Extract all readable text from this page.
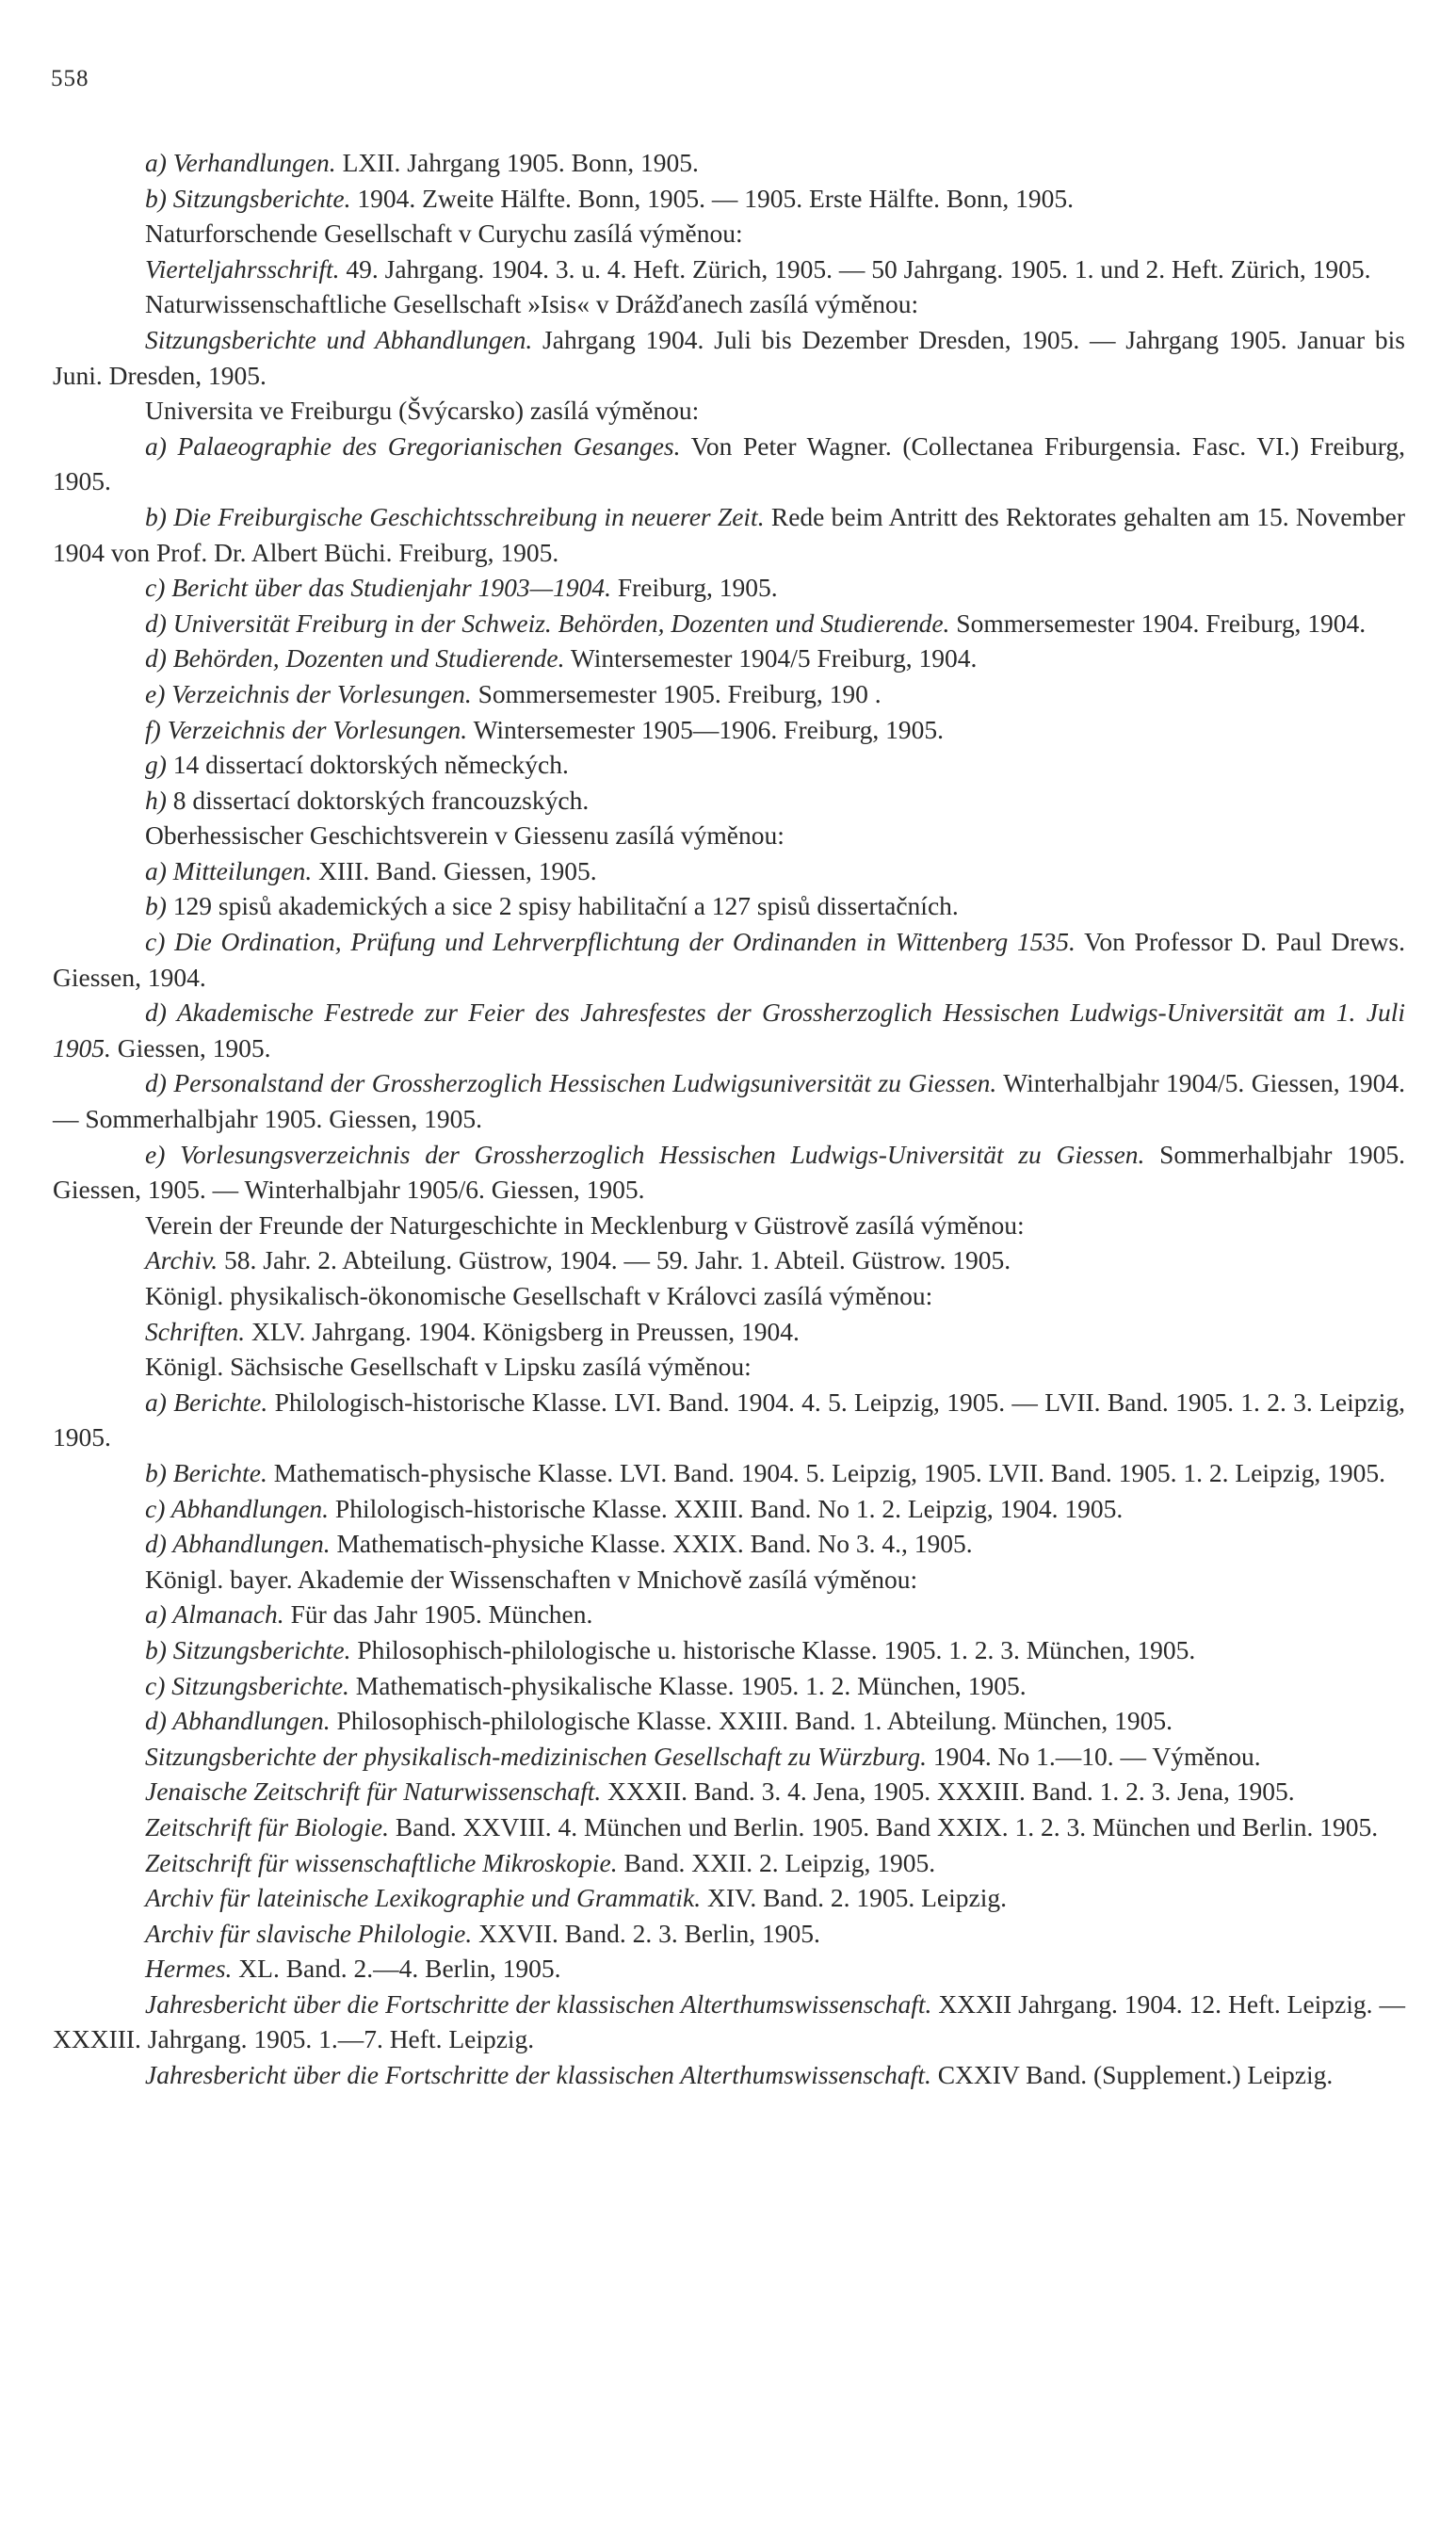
558

a) Verhandlungen. LXII. Jahrgang 1905. Bonn, 1905.

b) Sitzungsberichte. 1904. Zweite Hälfte. Bonn, 1905. — 1905. Erste Hälfte. Bonn, 1905.

Naturforschende Gesellschaft v Curychu zasílá výměnou:

Vierteljahrsschrift. 49. Jahrgang. 1904. 3. u. 4. Heft. Zürich, 1905. — 50 Jahrgang. 1905. 1. und 2. Heft. Zürich, 1905.

Naturwissenschaftliche Gesellschaft »Isis« v Drážďanech zasílá výměnou:

Sitzungsberichte und Abhandlungen. Jahrgang 1904. Juli bis Dezember Dresden, 1905. — Jahrgang 1905. Januar bis Juni. Dresden, 1905.

Universita ve Freiburgu (Švýcarsko) zasílá výměnou:

a) Palaeographie des Gregorianischen Gesanges. Von Peter Wagner. (Collectanea Friburgensia. Fasc. VI.) Freiburg, 1905.

b) Die Freiburgische Geschichtsschreibung in neuerer Zeit. Rede beim Antritt des Rektorates gehalten am 15. November 1904 von Prof. Dr. Albert Büchi. Freiburg, 1905.

c) Bericht über das Studienjahr 1903—1904. Freiburg, 1905.

d) Universität Freiburg in der Schweiz. Behörden, Dozenten und Studierende. Sommersemester 1904. Freiburg, 1904.

d) Behörden, Dozenten und Studierende. Wintersemester 1904/5 Freiburg, 1904.

e) Verzeichnis der Vorlesungen. Sommersemester 1905. Freiburg, 190 .

f) Verzeichnis der Vorlesungen. Wintersemester 1905—1906. Freiburg, 1905.

g) 14 dissertací doktorských německých.

h) 8 dissertací doktorských francouzských.

Oberhessischer Geschichtsverein v Giessenu zasílá výměnou:

a) Mitteilungen. XIII. Band. Giessen, 1905.

b) 129 spisů akademických a sice 2 spisy habilitační a 127 spisů dissertačních.

c) Die Ordination, Prüfung und Lehrverpflichtung der Ordinanden in Wittenberg 1535. Von Professor D. Paul Drews. Giessen, 1904.

d) Akademische Festrede zur Feier des Jahresfestes der Grossherzoglich Hessischen Ludwigs-Universität am 1. Juli 1905. Giessen, 1905.

d) Personalstand der Grossherzoglich Hessischen Ludwigsuniversität zu Giessen. Winterhalbjahr 1904/5. Giessen, 1904. — Sommerhalbjahr 1905. Giessen, 1905.

e) Vorlesungsverzeichnis der Grossherzoglich Hessischen Ludwigs-Universität zu Giessen. Sommerhalbjahr 1905. Giessen, 1905. — Winterhalbjahr 1905/6. Giessen, 1905.

Verein der Freunde der Naturgeschichte in Mecklenburg v Güstrově zasílá výměnou:

Archiv. 58. Jahr. 2. Abteilung. Güstrow, 1904. — 59. Jahr. 1. Abteil. Güstrow. 1905.

Königl. physikalisch-ökonomische Gesellschaft v Královci zasílá výměnou:

Schriften. XLV. Jahrgang. 1904. Königsberg in Preussen, 1904.

Königl. Sächsische Gesellschaft v Lipsku zasílá výměnou:

a) Berichte. Philologisch-historische Klasse. LVI. Band. 1904. 4. 5. Leipzig, 1905. — LVII. Band. 1905. 1. 2. 3. Leipzig, 1905.

b) Berichte. Mathematisch-physische Klasse. LVI. Band. 1904. 5. Leipzig, 1905. LVII. Band. 1905. 1. 2. Leipzig, 1905.

c) Abhandlungen. Philologisch-historische Klasse. XXIII. Band. No 1. 2. Leipzig, 1904. 1905.

d) Abhandlungen. Mathematisch-physiche Klasse. XXIX. Band. No 3. 4., 1905.

Königl. bayer. Akademie der Wissenschaften v Mnichově zasílá výměnou:

a) Almanach. Für das Jahr 1905. München.

b) Sitzungsberichte. Philosophisch-philologische u. historische Klasse. 1905. 1. 2. 3. München, 1905.

c) Sitzungsberichte. Mathematisch-physikalische Klasse. 1905. 1. 2. München, 1905.

d) Abhandlungen. Philosophisch-philologische Klasse. XXIII. Band. 1. Abteilung. München, 1905.

Sitzungsberichte der physikalisch-medizinischen Gesellschaft zu Würzburg. 1904. No 1.—10. — Výměnou.

Jenaische Zeitschrift für Naturwissenschaft. XXXII. Band. 3. 4. Jena, 1905. XXXIII. Band. 1. 2. 3. Jena, 1905.

Zeitschrift für Biologie. Band. XXVIII. 4. München und Berlin. 1905. Band XXIX. 1. 2. 3. München und Berlin. 1905.

Zeitschrift für wissenschaftliche Mikroskopie. Band. XXII. 2. Leipzig, 1905.

Archiv für lateinische Lexikographie und Grammatik. XIV. Band. 2. 1905. Leipzig.

Archiv für slavische Philologie. XXVII. Band. 2. 3. Berlin, 1905.

Hermes. XL. Band. 2.—4. Berlin, 1905.

Jahresbericht über die Fortschritte der klassischen Alterthumswissenschaft. XXXII Jahrgang. 1904. 12. Heft. Leipzig. — XXXIII. Jahrgang. 1905. 1.—7. Heft. Leipzig.

Jahresbericht über die Fortschritte der klassischen Alterthumswissenschaft. CXXIV Band. (Supplement.) Leipzig.
